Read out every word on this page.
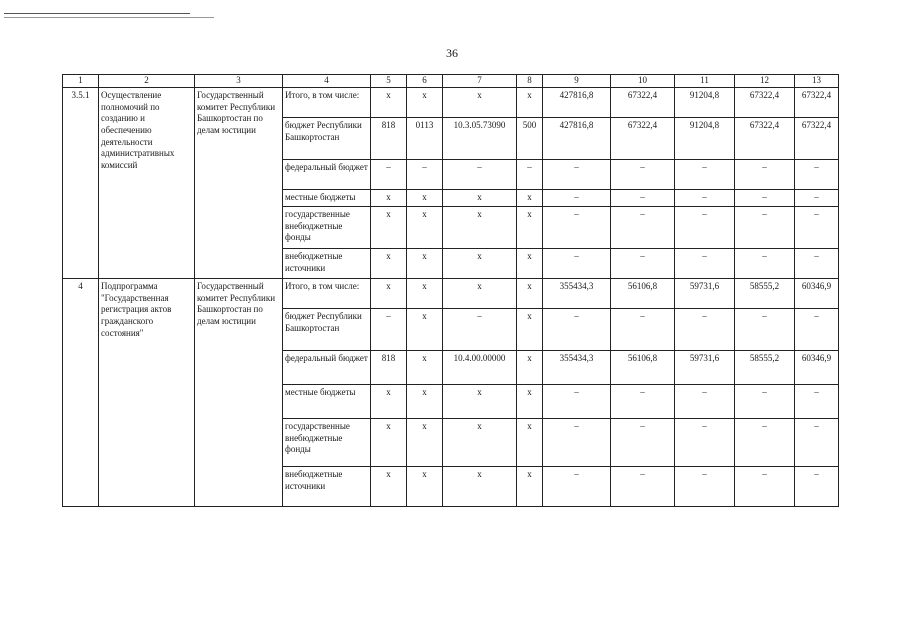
36
1	2	3	4	5	6	7	8	9	10	11	12	13
3.5.1	Осуществление полномочий по созданию и обеспечению деятельности административных комиссий	Государственный комитет Республики Башкортостан по делам юстиции	Итого, в том числе:	х	х	х	х	427816,8	67322,4	91204,8	67322,4	67322,4
			бюджет Республики Башкортостан	818	0113	10.3.05.73090	500	427816,8	67322,4	91204,8	67322,4	67322,4
			федеральный бюджет	–	–	–	–	–	–	–	–	–
			местные бюджеты	х	х	х	х	–	–	–	–	–
			государственные внебюджетные фонды	х	х	х	х	–	–	–	–	–
			внебюджетные источники	х	х	х	х	–	–	–	–	–
4	Подпрограмма "Государственная регистрация актов гражданского состояния"	Государственный комитет Республики Башкортостан по делам юстиции	Итого, в том числе:	х	х	х	х	355434,3	56106,8	59731,6	58555,2	60346,9
			бюджет Республики Башкортостан	–	х	–	х	–	–	–	–	–
			федеральный бюджет	818	х	10.4.00.00000	х	355434,3	56106,8	59731,6	58555,2	60346,9
			местные бюджеты	х	х	х	х	–	–	–	–	–
			государственные внебюджетные фонды	х	х	х	х	–	–	–	–	–
			внебюджетные источники	х	х	х	х	–	–	–	–	–
